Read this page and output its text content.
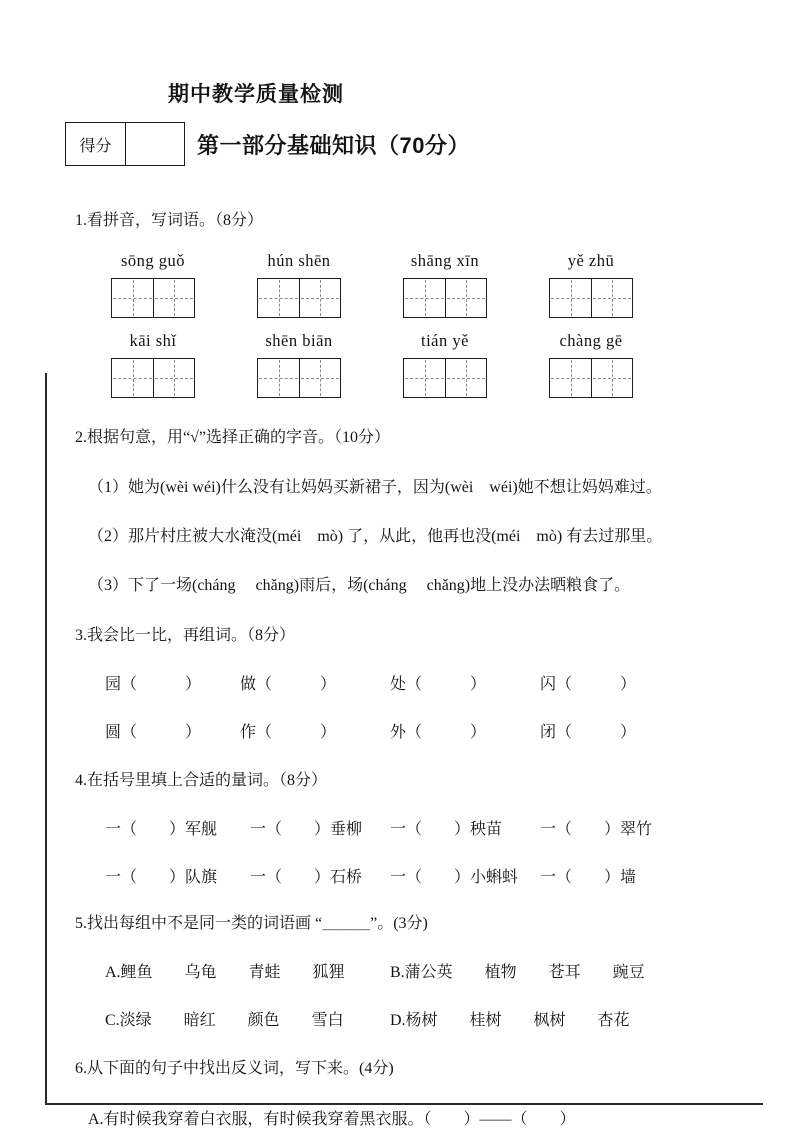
期中教学质量检测
得分	第一部分基础知识（70分）

1.看拼音，写词语。（8分）

sōng guǒ	hún shēn	shāng xīn	yě zhū
kāi shǐ	shēn biān	tián yě	chàng gē

2.根据句意，用“√”选择正确的字音。（10分）

（1）她为(wèi wéi)什么没有让妈妈买新裙子，因为(wèi　wéi)她不想让妈妈难过。

（2）那片村庄被大水淹没(méi　mò) 了，从此，他再也没(méi　mò) 有去过那里。

（3）下了一场(cháng　 chǎng)雨后，场(cháng　 chǎng)地上没办法晒粮食了。

3.我会比一比，再组词。（8分）

园（　　　）	做（　　　）	处（　　　）	闪（　　　）
圆（　　　）	作（　　　）	外（　　　）	闭（　　　）

4.在括号里填上合适的量词。（8分）

一（　　）军舰	一（　　）垂柳	一（　　）秧苗	一（　　）翠竹
一（　　）队旗	一（　　）石桥	一（　　）小蝌蚪	一（　　）墙

5.找出每组中不是同一类的词语画 “＿＿＿”。(3分)

A.鲤鱼　　乌龟　　青蛙　　狐狸	B.蒲公英　　植物　　苍耳　　豌豆
C.淡绿　　暗红　　颜色　　雪白	D.杨树　　桂树　　枫树　　杏花

6.从下面的句子中找出反义词，写下来。(4分)

A.有时候我穿着白衣服，有时候我穿着黑衣服。（　　）——（　　）
